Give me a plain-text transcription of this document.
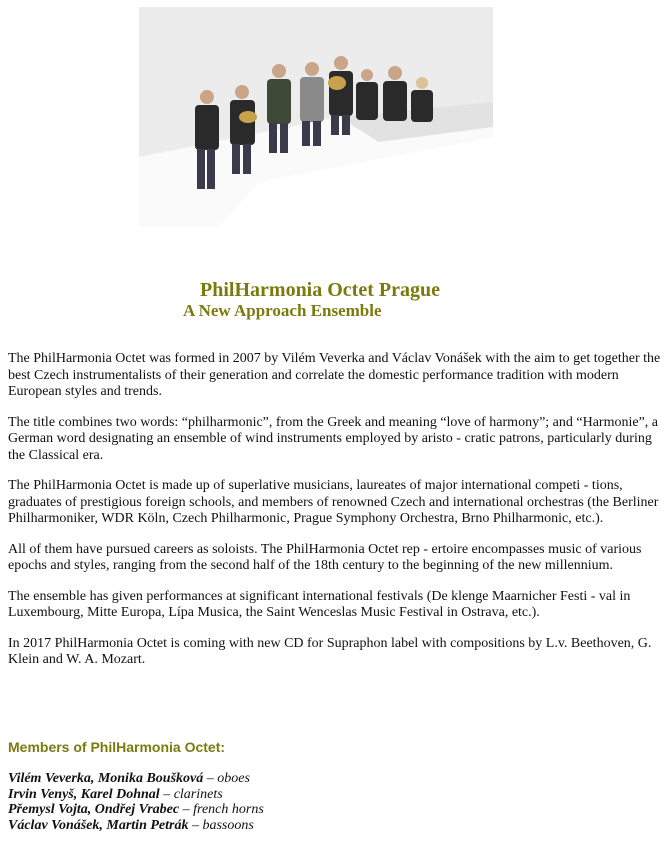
PhilHarmonia Octet Prague
A New Approach Ensemble

The PhilHarmonia Octet was formed in 2007 by Vilém Veverka and Václav Vonášek with the aim to get together the best Czech instrumentalists of their generation and correlate the domestic performance tradition with modern European styles and trends.

The title combines two words: “philharmonic”, from the Greek and meaning “love of harmony”; and “Harmonie”, a German word designating an ensemble of wind instruments employed by aristo - cratic patrons, particularly during the Classical era.

The PhilHarmonia Octet is made up of superlative musicians, laureates of major international competi - tions, graduates of prestigious foreign schools, and members of renowned Czech and international orchestras (the Berliner Philharmoniker, WDR Köln, Czech Philharmonic, Prague Symphony Orchestra, Brno Philharmonic, etc.).

All of them have pursued careers as soloists. The PhilHarmonia Octet rep - ertoire encompasses music of various epochs and styles, ranging from the second half of the 18th century to the beginning of the new millennium.

The ensemble has given performances at significant international festivals (De klenge Maarnicher Festi - val in Luxembourg, Mitte Europa, Lípa Musica, the Saint Wenceslas Music Festival in Ostrava, etc.).

In 2017 PhilHarmonia Octet is coming with new CD for Supraphon label with compositions by L.v. Beethoven, G. Klein and W. A. Mozart.

Members of PhilHarmonia Octet:
Vilém Veverka, Monika Boušková – oboes
Irvin Venyš, Karel Dohnal – clarinets
Přemysl Vojta, Ondřej Vrabec – french horns
Václav Vonášek, Martin Petrák – bassoons
